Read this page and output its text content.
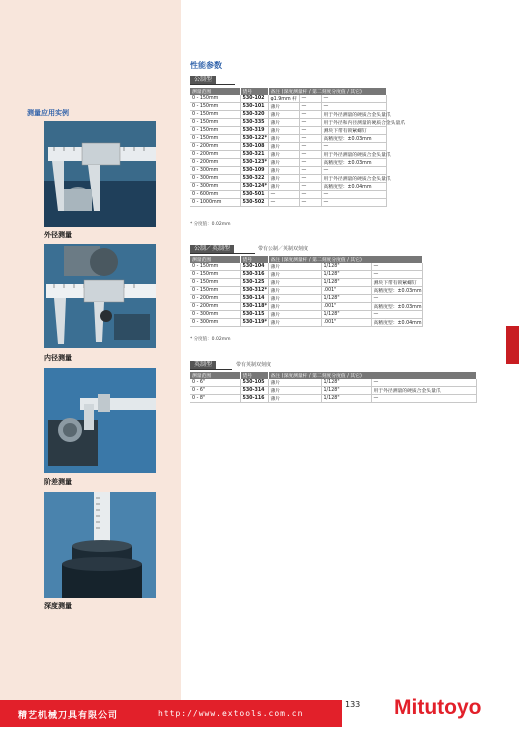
测量应用实例
外径测量
内径测量
阶差测量
深度测量
性能参数
公制型
测量范围	货号	备注 (深度测量杆 / 第二刻度分度值 / 其它)		
0 - 150mm	530-102	φ1.9mm 杆	—	—
0 - 150mm	530-101	薄片	—	—
0 - 150mm	530-320	薄片	—	用于外径测量的硬质合金头量爪
0 - 150mm	530-335	薄片	—	用于外径和内径测量的硬质合金头量爪
0 - 150mm	530-319	薄片	—	测块下带有锁紧螺钉
0 - 150mm	530-122*	薄片	—	高精度型：±0.03mm
0 - 200mm	530-108	薄片	—	—
0 - 200mm	530-321	薄片	—	用于外径测量的硬质合金头量爪
0 - 200mm	530-123*	薄片	—	高精度型：±0.03mm
0 - 300mm	530-109	薄片	—	—
0 - 300mm	530-322	薄片	—	用于外径测量的硬质合金头量爪
0 - 300mm	530-124*	薄片	—	高精度型：±0.04mm
0 - 600mm	530-501	—	—	—
0 - 1000mm	530-502	—	—	—
* 分度值：0.02mm
公制／英制型	带有公制／英制双刻度
测量范围	货号	备注 (深度测量杆 / 第二刻度分度值 / 其它)		
0 - 150mm	530-104	薄片	1/128"	—
0 - 150mm	530-316	薄片	1/128"	—
0 - 150mm	530-125	薄片	1/128"	测块下带有锁紧螺钉
0 - 150mm	530-312*	薄片	.001"	高精度型：±0.03mm
0 - 200mm	530-114	薄片	1/128"	—
0 - 200mm	530-118*	薄片	.001"	高精度型：±0.03mm
0 - 300mm	530-115	薄片	1/128"	—
0 - 300mm	530-119*	薄片	.001"	高精度型：±0.04mm
* 分度值：0.02mm
英制型	带有英制双刻度
测量范围	货号	备注 (深度测量杆 / 第二刻度分度值 / 其它)		
0 - 6"	530-105	薄片	1/128"	—
0 - 6"	530-314	薄片	1/128"	用于外径测量的硬质合金头量爪
0 - 8"	530-116	薄片	1/128"	—
精艺机械刀具有限公司	http://www.extools.com.cn
133 Mitutoyo
